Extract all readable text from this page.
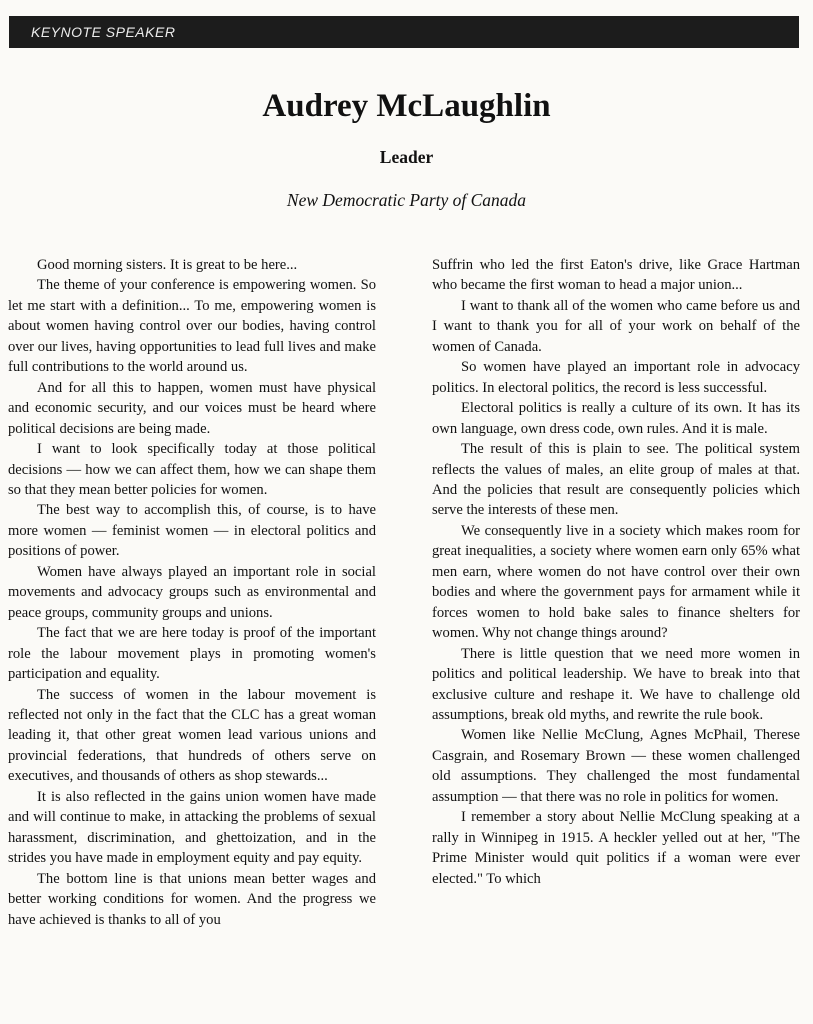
KEYNOTE SPEAKER
Audrey McLaughlin
Leader
New Democratic Party of Canada

Good morning sisters. It is great to be here...

The theme of your conference is empowering women. So let me start with a definition... To me, empowering women is about women having control over our bodies, having control over our lives, having opportunities to lead full lives and make full contributions to the world around us.

And for all this to happen, women must have physical and economic security, and our voices must be heard where political decisions are being made.

I want to look specifically today at those political decisions — how we can affect them, how we can shape them so that they mean better policies for women.

The best way to accomplish this, of course, is to have more women — feminist women — in electoral politics and positions of power.

Women have always played an important role in social movements and advocacy groups such as environmental and peace groups, community groups and unions.

The fact that we are here today is proof of the important role the labour movement plays in promoting women's participation and equality.

The success of women in the labour movement is reflected not only in the fact that the CLC has a great woman leading it, that other great women lead various unions and provincial federations, that hundreds of others serve on executives, and thousands of others as shop stewards...

It is also reflected in the gains union women have made and will continue to make, in attacking the problems of sexual harassment, discrimination, and ghettoization, and in the strides you have made in employment equity and pay equity.

The bottom line is that unions mean better wages and better working conditions for women. And the progress we have achieved is thanks to all of you

Suffrin who led the first Eaton's drive, like Grace Hartman who became the first woman to head a major union...

I want to thank all of the women who came before us and I want to thank you for all of your work on behalf of the women of Canada.

So women have played an important role in advocacy politics. In electoral politics, the record is less successful.

Electoral politics is really a culture of its own. It has its own language, own dress code, own rules. And it is male.

The result of this is plain to see. The political system reflects the values of males, an elite group of males at that. And the policies that result are consequently policies which serve the interests of these men.

We consequently live in a society which makes room for great inequalities, a society where women earn only 65% what men earn, where women do not have control over their own bodies and where the government pays for armament while it forces women to hold bake sales to finance shelters for women. Why not change things around?

There is little question that we need more women in politics and political leadership. We have to break into that exclusive culture and reshape it. We have to challenge old assumptions, break old myths, and rewrite the rule book.

Women like Nellie McClung, Agnes McPhail, Therese Casgrain, and Rosemary Brown — these women challenged old assumptions. They challenged the most fundamental assumption — that there was no role in politics for women.

I remember a story about Nellie McClung speaking at a rally in Winnipeg in 1915. A heckler yelled out at her, "The Prime Minister would quit politics if a woman were ever elected." To which
